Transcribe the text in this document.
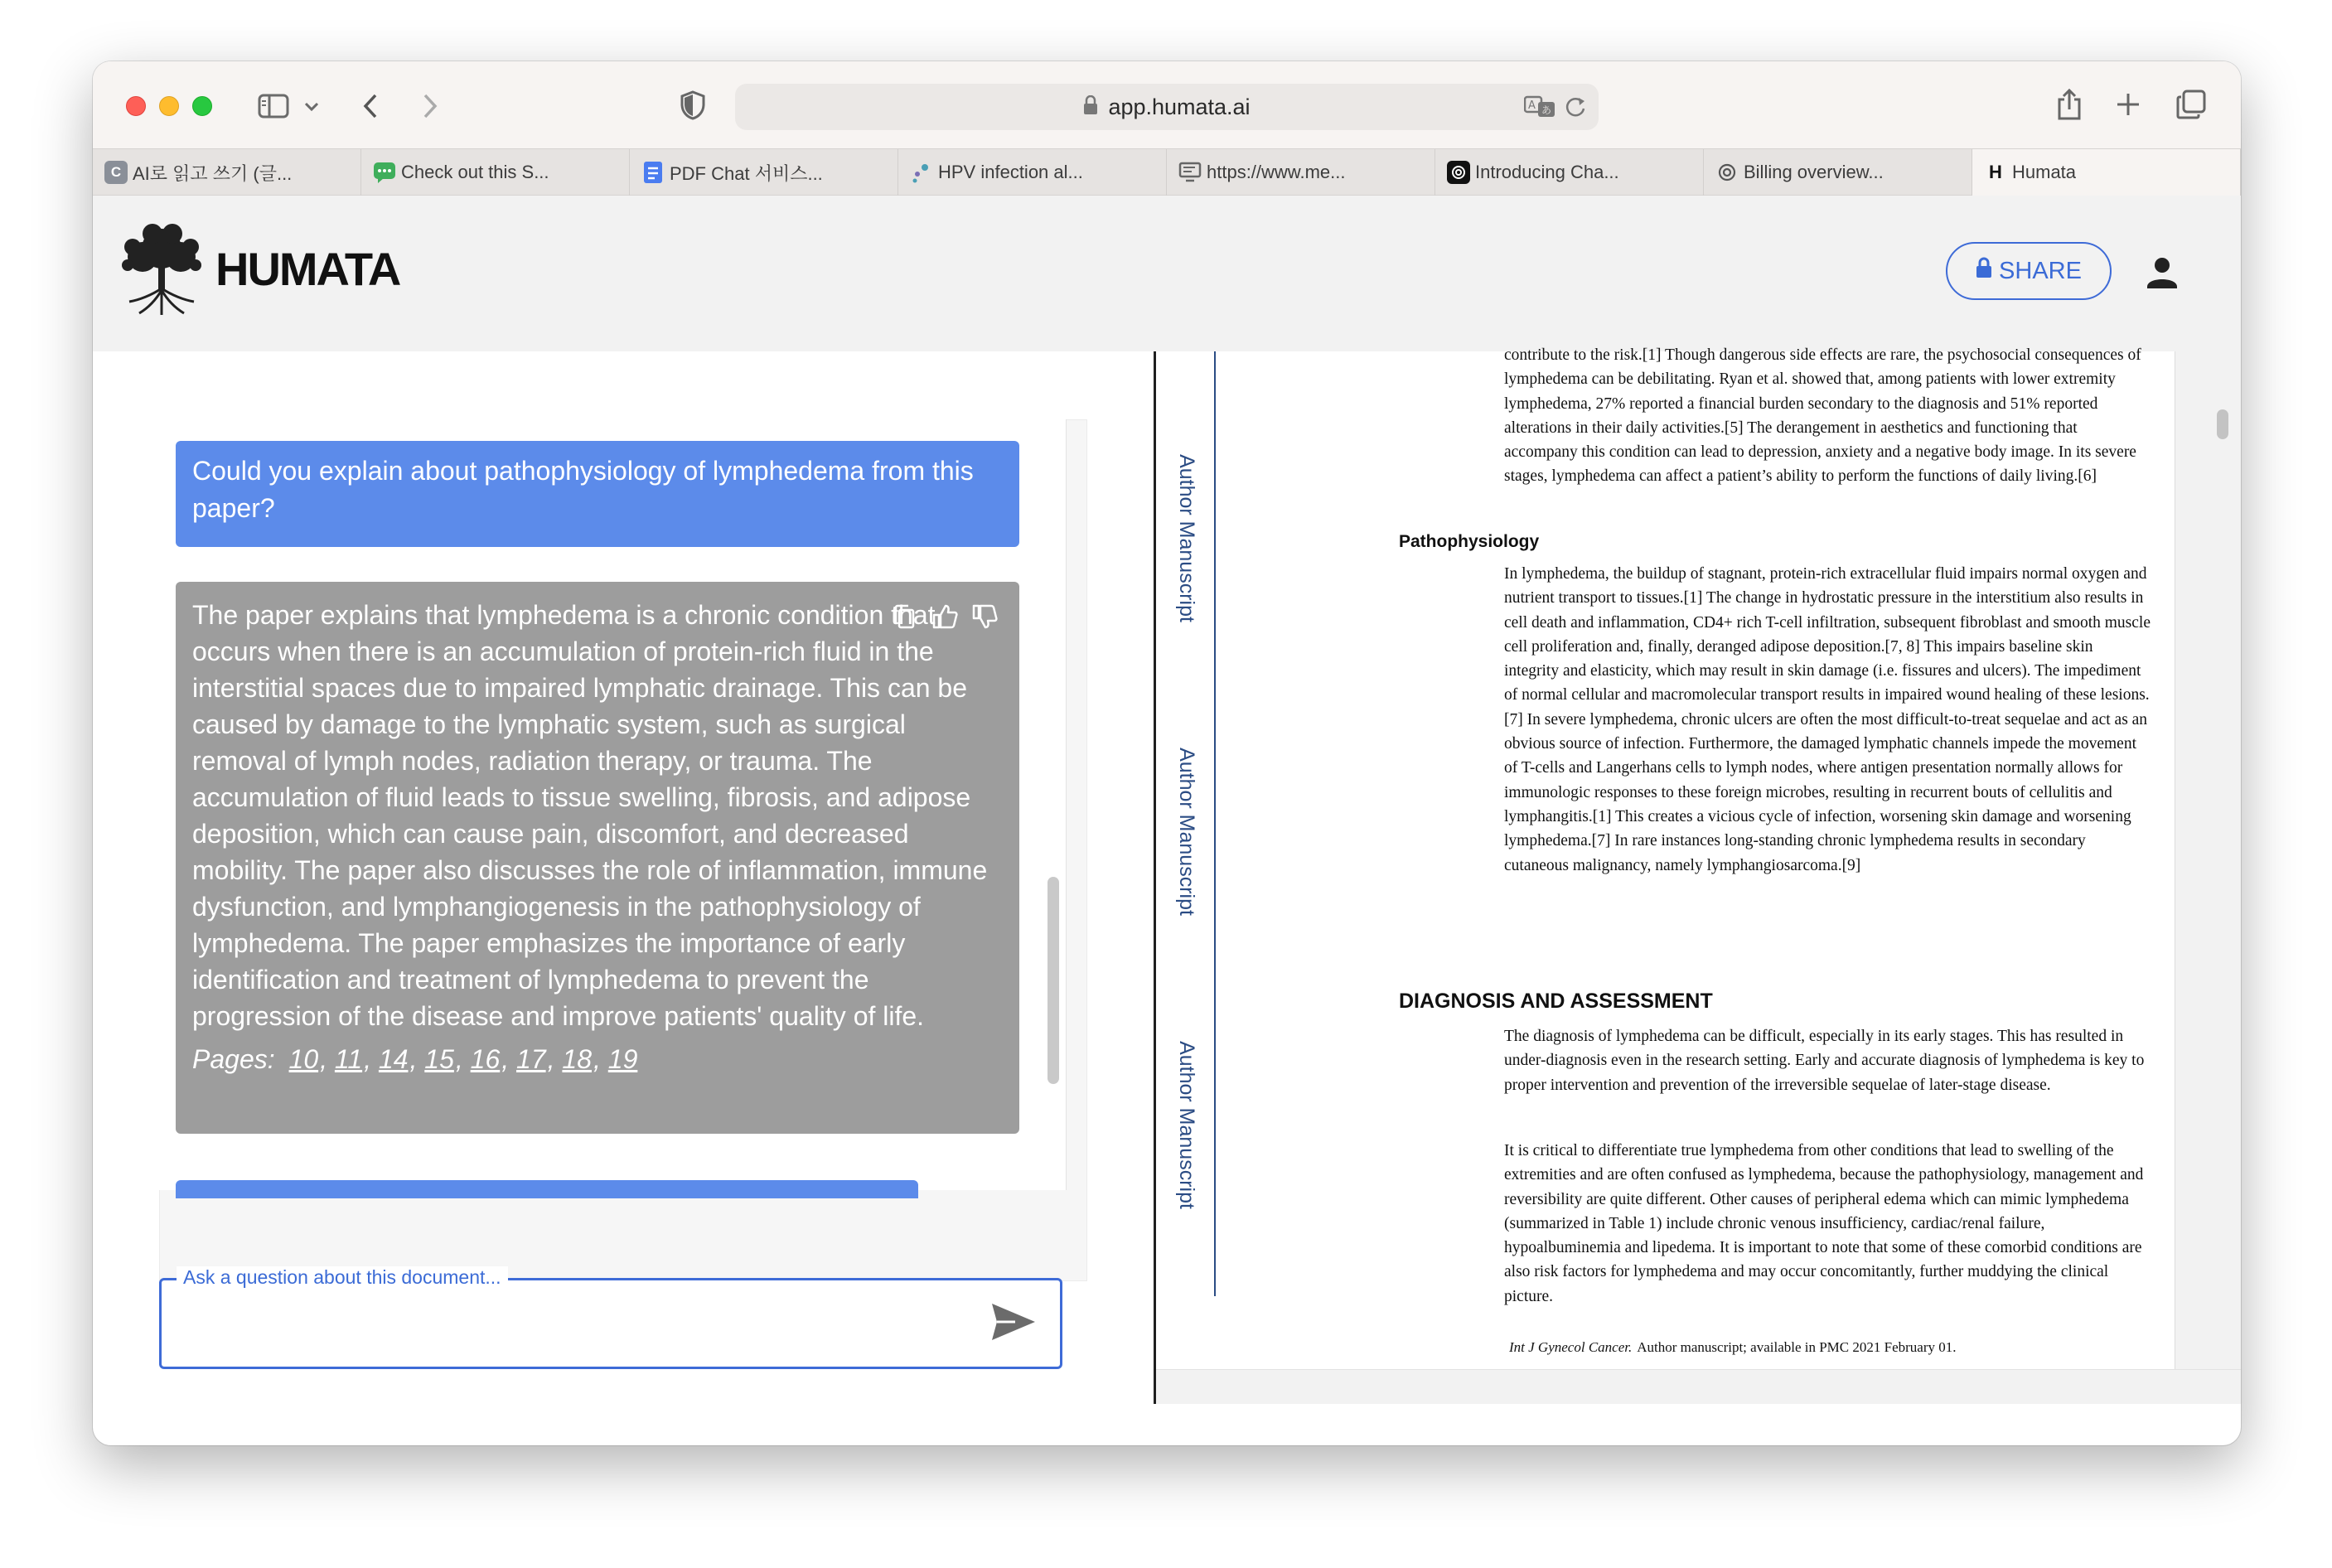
app.humata.ai	A あ
C AI로 읽고 쓰기 (글...	Check out this S...	PDF Chat 서비스...	HPV infection al...	https://www.me...	Introducing Cha...	Billing overview...	H Humata
HUMATA	SHARE
Could you explain about pathophysiology of lymphedema from this paper?
The paper explains that lymphedema is a chronic condition that occurs when there is an accumulation of protein-rich fluid in the interstitial spaces due to impaired lymphatic drainage. This can be caused by damage to the lymphatic system, such as surgical removal of lymph nodes, radiation therapy, or trauma. The accumulation of fluid leads to tissue swelling, fibrosis, and adipose deposition, which can cause pain, discomfort, and decreased mobility. The paper also discusses the role of inflammation, immune dysfunction, and lymphangiogenesis in the pathophysiology of lymphedema. The paper emphasizes the importance of early identification and treatment of lymphedema to prevent the progression of the disease and improve patients' quality of life.
Pages: 10, 11, 14, 15, 16, 17, 18, 19
Ask a question about this document...
Author Manuscript
Author Manuscript
Author Manuscript
contribute to the risk.[1] Though dangerous side effects are rare, the psychosocial consequences of lymphedema can be debilitating. Ryan et al. showed that, among patients with lower extremity lymphedema, 27% reported a financial burden secondary to the diagnosis and 51% reported alterations in their daily activities.[5] The derangement in aesthetics and functioning that accompany this condition can lead to depression, anxiety and a negative body image. In its severe stages, lymphedema can affect a patient’s ability to perform the functions of daily living.[6]
Pathophysiology
In lymphedema, the buildup of stagnant, protein-rich extracellular fluid impairs normal oxygen and nutrient transport to tissues.[1] The change in hydrostatic pressure in the interstitium also results in cell death and inflammation, CD4+ rich T-cell infiltration, subsequent fibroblast and smooth muscle cell proliferation and, finally, deranged adipose deposition.[7, 8] This impairs baseline skin integrity and elasticity, which may result in skin damage (i.e. fissures and ulcers). The impediment of normal cellular and macromolecular transport results in impaired wound healing of these lesions.[7] In severe lymphedema, chronic ulcers are often the most difficult-to-treat sequelae and act as an obvious source of infection. Furthermore, the damaged lymphatic channels impede the movement of T-cells and Langerhans cells to lymph nodes, where antigen presentation normally allows for immunologic responses to these foreign microbes, resulting in recurrent bouts of cellulitis and lymphangitis.[1] This creates a vicious cycle of infection, worsening skin damage and worsening lymphedema.[7] In rare instances long-standing chronic lymphedema results in secondary cutaneous malignancy, namely lymphangiosarcoma.[9]
DIAGNOSIS AND ASSESSMENT
The diagnosis of lymphedema can be difficult, especially in its early stages. This has resulted in under-diagnosis even in the research setting. Early and accurate diagnosis of lymphedema is key to proper intervention and prevention of the irreversible sequelae of later-stage disease.
It is critical to differentiate true lymphedema from other conditions that lead to swelling of the extremities and are often confused as lymphedema, because the pathophysiology, management and reversibility are quite different. Other causes of peripheral edema which can mimic lymphedema (summarized in Table 1) include chronic venous insufficiency, cardiac/renal failure, hypoalbuminemia and lipedema. It is important to note that some of these comorbid conditions are also risk factors for lymphedema and may occur concomitantly, further muddying the clinical picture.
Int J Gynecol Cancer. Author manuscript; available in PMC 2021 February 01.
